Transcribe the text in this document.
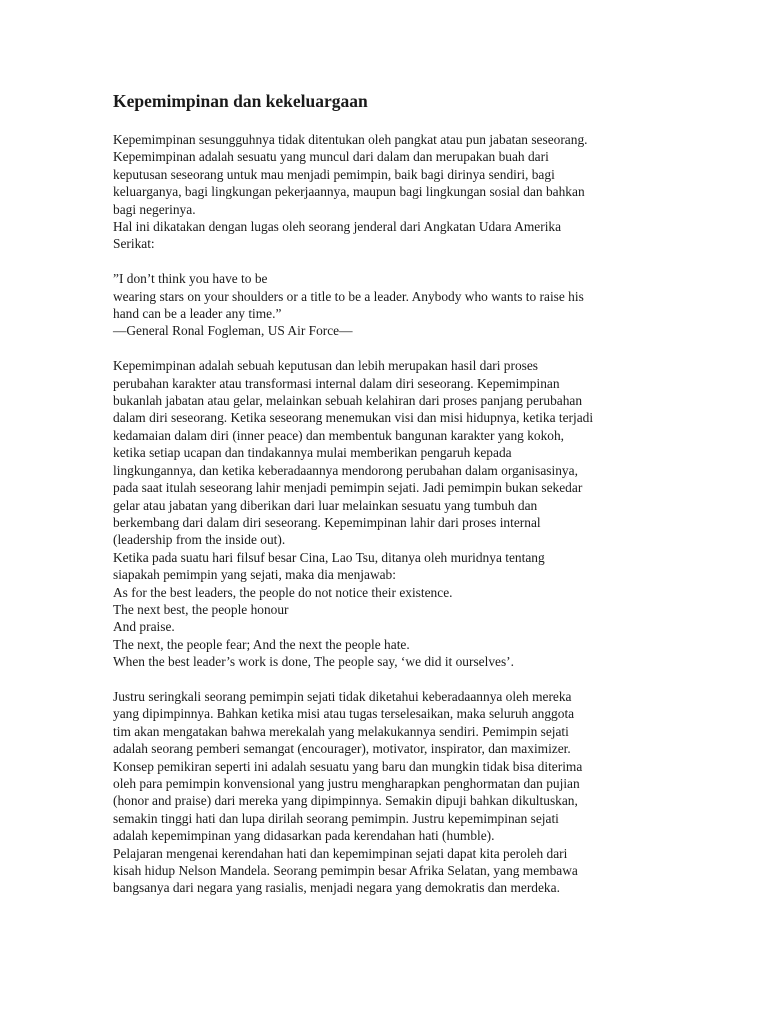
Kepemimpinan dan kekeluargaan

Kepemimpinan sesungguhnya tidak ditentukan oleh pangkat atau pun jabatan seseorang.
Kepemimpinan adalah sesuatu yang muncul dari dalam dan merupakan buah dari
keputusan seseorang untuk mau menjadi pemimpin, baik bagi dirinya sendiri, bagi
keluarganya, bagi lingkungan pekerjaannya, maupun bagi lingkungan sosial dan bahkan
bagi negerinya.

Hal ini dikatakan dengan lugas oleh seorang jenderal dari Angkatan Udara Amerika
Serikat:

”I don’t think you have to be
wearing stars on your shoulders or a title to be a leader. Anybody who wants to raise his
hand can be a leader any time.”
—General Ronal Fogleman, US Air Force—

Kepemimpinan adalah sebuah keputusan dan lebih merupakan hasil dari proses
perubahan karakter atau transformasi internal dalam diri seseorang. Kepemimpinan
bukanlah jabatan atau gelar, melainkan sebuah kelahiran dari proses panjang perubahan
dalam diri seseorang. Ketika seseorang menemukan visi dan misi hidupnya, ketika terjadi
kedamaian dalam diri (inner peace) dan membentuk bangunan karakter yang kokoh,
ketika setiap ucapan dan tindakannya mulai memberikan pengaruh kepada
lingkungannya, dan ketika keberadaannya mendorong perubahan dalam organisasinya,
pada saat itulah seseorang lahir menjadi pemimpin sejati. Jadi pemimpin bukan sekedar
gelar atau jabatan yang diberikan dari luar melainkan sesuatu yang tumbuh dan
berkembang dari dalam diri seseorang. Kepemimpinan lahir dari proses internal
(leadership from the inside out).

Ketika pada suatu hari filsuf besar Cina, Lao Tsu, ditanya oleh muridnya tentang
siapakah pemimpin yang sejati, maka dia menjawab:

As for the best leaders, the people do not notice their existence.
The next best, the people honour
And praise.
The next, the people fear; And the next the people hate.
When the best leader’s work is done, The people say, ‘we did it ourselves’.

Justru seringkali seorang pemimpin sejati tidak diketahui keberadaannya oleh mereka
yang dipimpinnya. Bahkan ketika misi atau tugas terselesaikan, maka seluruh anggota
tim akan mengatakan bahwa merekalah yang melakukannya sendiri. Pemimpin sejati
adalah seorang pemberi semangat (encourager), motivator, inspirator, dan maximizer.
Konsep pemikiran seperti ini adalah sesuatu yang baru dan mungkin tidak bisa diterima
oleh para pemimpin konvensional yang justru mengharapkan penghormatan dan pujian
(honor and praise) dari mereka yang dipimpinnya. Semakin dipuji bahkan dikultuskan,
semakin tinggi hati dan lupa dirilah seorang pemimpin. Justru kepemimpinan sejati
adalah kepemimpinan yang didasarkan pada kerendahan hati (humble).

Pelajaran mengenai kerendahan hati dan kepemimpinan sejati dapat kita peroleh dari
kisah hidup Nelson Mandela. Seorang pemimpin besar Afrika Selatan, yang membawa
bangsanya dari negara yang rasialis, menjadi negara yang demokratis dan merdeka.
